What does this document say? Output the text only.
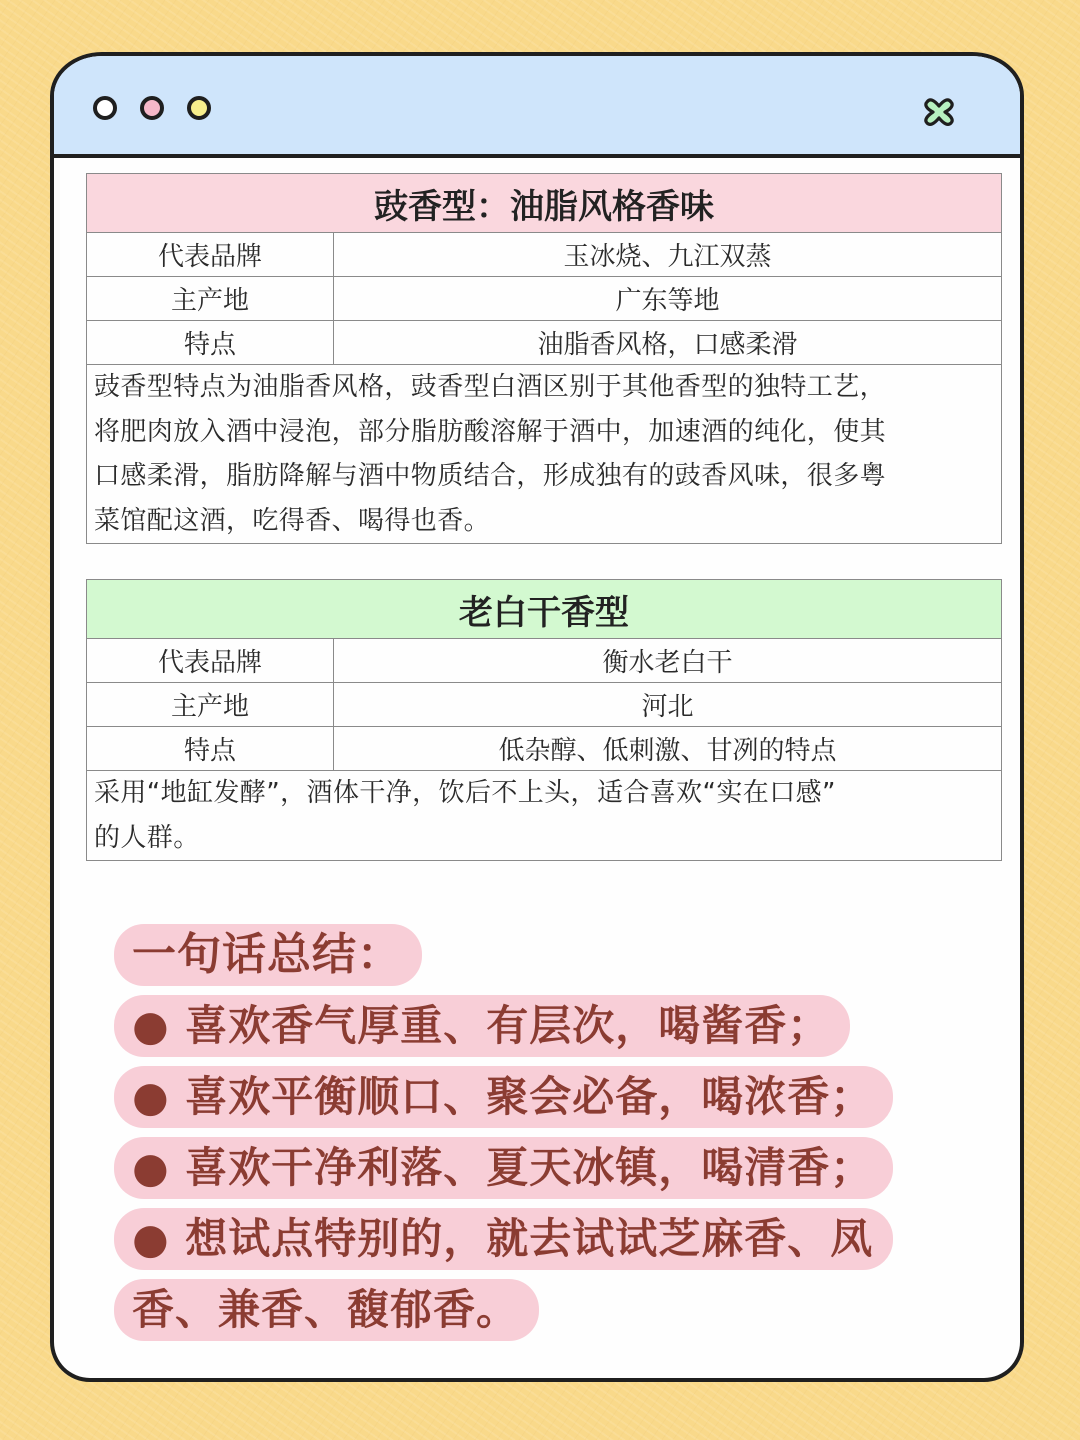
豉香型：油脂风格香味	
代表品牌	玉冰烧、九江双蒸
主产地	广东等地
特点	油脂香风格，口感柔滑

豉香型特点为油脂香风格，豉香型白酒区别于其他香型的独特工艺，
将肥肉放入酒中浸泡，部分脂肪酸溶解于酒中，加速酒的纯化，使其
口感柔滑，脂肪降解与酒中物质结合，形成独有的豉香风味，很多粤
菜馆配这酒，吃得香、喝得也香。	
老白干香型	
代表品牌	衡水老白干
主产地	河北
特点	低杂醇、低刺激、甘冽的特点

采用“地缸发酵”，酒体干净，饮后不上头，适合喜欢“实在口感”
的人群。	
一句话总结：
● 喜欢香气厚重、有层次，喝酱香；
● 喜欢平衡顺口、聚会必备，喝浓香；
● 喜欢干净利落、夏天冰镇，喝清香；
● 想试点特别的，就去试试芝麻香、凤
香、兼香、馥郁香。
